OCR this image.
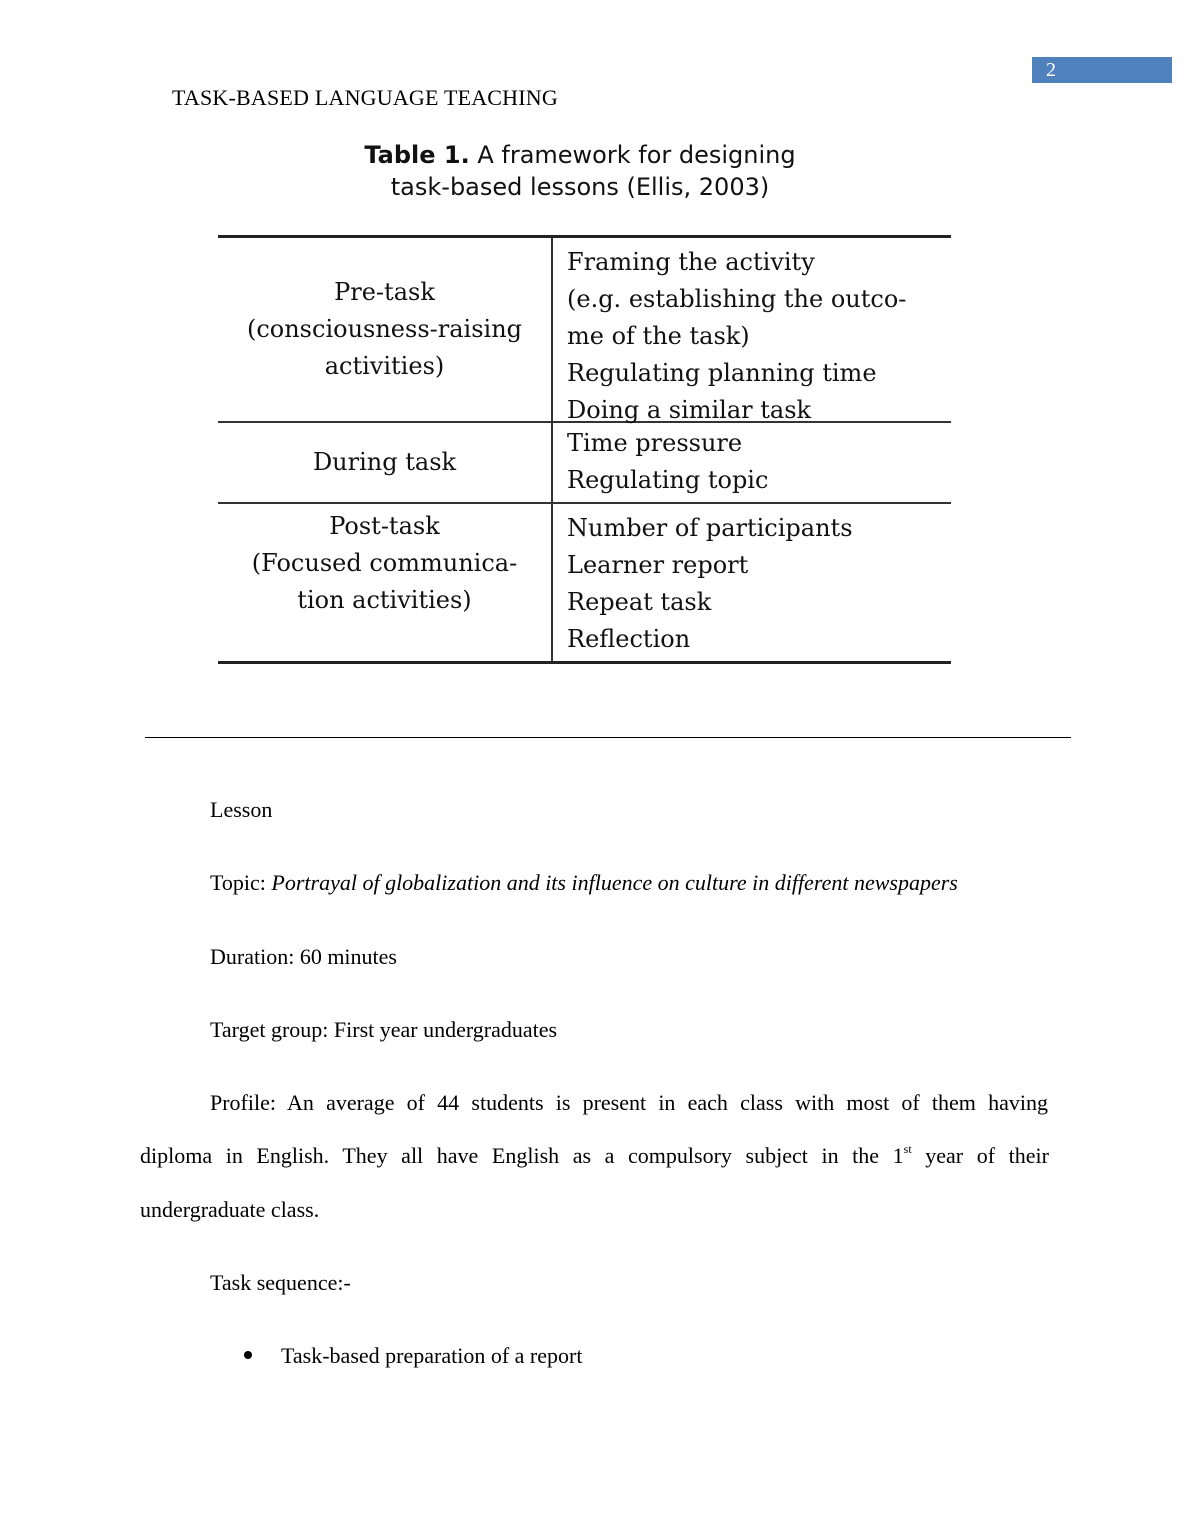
2
TASK-BASED LANGUAGE TEACHING
Table 1. A framework for designing
task-based lessons (Ellis, 2003)
Pre-task
(consciousness-raising
activities)
Framing the activity
(e.g. establishing the outco-
me of the task)
Regulating planning time
Doing a similar task
During task
Time pressure
Regulating topic
Post-task
(Focused communica-
tion activities)
Number of participants
Learner report
Repeat task
Reflection
Lesson
Topic: Portrayal of globalization and its influence on culture in different newspapers
Duration: 60 minutes
Target group: First year undergraduates
Profile: An average of 44 students is present in each class with most of them having
diploma in English. They all have English as a compulsory subject in the 1st year of their
undergraduate class.
Task sequence:-
Task-based preparation of a report
